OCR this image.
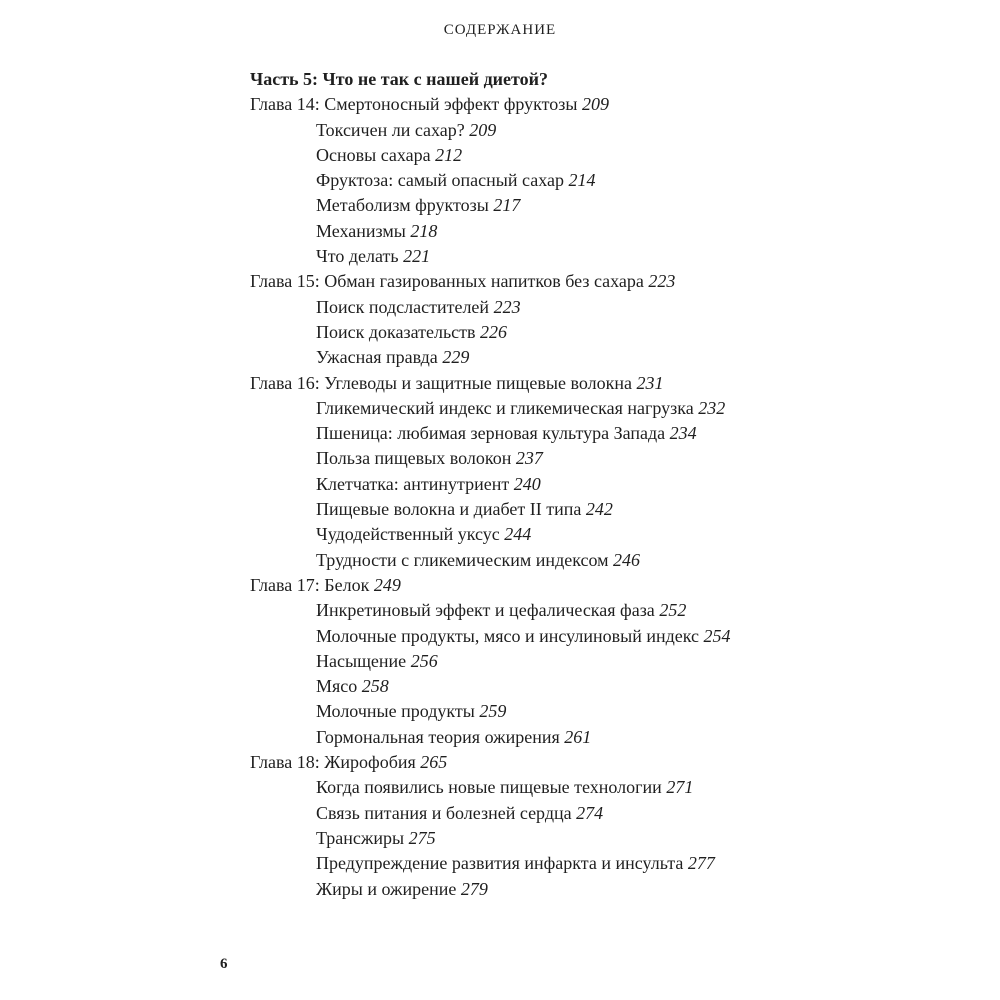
СОДЕРЖАНИЕ
Часть 5: Что не так с нашей диетой?
Глава 14: Смертоносный эффект фруктозы 209
Токсичен ли сахар? 209
Основы сахара 212
Фруктоза: самый опасный сахар 214
Метаболизм фруктозы 217
Механизмы 218
Что делать 221
Глава 15: Обман газированных напитков без сахара 223
Поиск подсластителей 223
Поиск доказательств 226
Ужасная правда 229
Глава 16: Углеводы и защитные пищевые волокна 231
Гликемический индекс и гликемическая нагрузка 232
Пшеница: любимая зерновая культура Запада 234
Польза пищевых волокон 237
Клетчатка: антинутриент 240
Пищевые волокна и диабет II типа 242
Чудодейственный уксус 244
Трудности с гликемическим индексом 246
Глава 17: Белок 249
Инкретиновый эффект и цефалическая фаза 252
Молочные продукты, мясо и инсулиновый индекс 254
Насыщение 256
Мясо 258
Молочные продукты 259
Гормональная теория ожирения 261
Глава 18: Жирофобия 265
Когда появились новые пищевые технологии 271
Связь питания и болезней сердца 274
Трансжиры 275
Предупреждение развития инфаркта и инсульта 277
Жиры и ожирение 279
6
